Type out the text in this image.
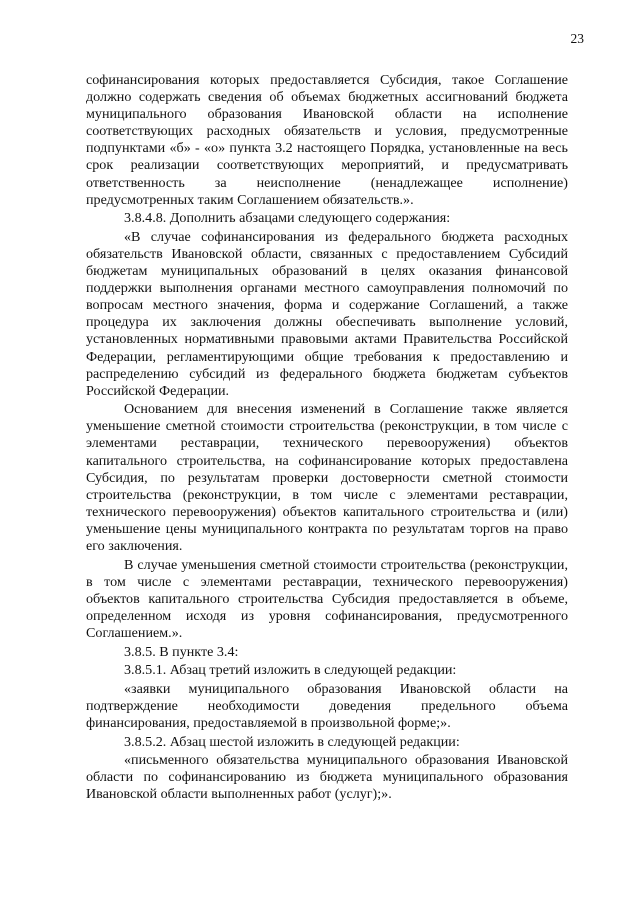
23

софинансирования которых предоставляется Субсидия, такое Соглашение должно содержать сведения об объемах бюджетных ассигнований бюджета муниципального образования Ивановской области на исполнение соответствующих расходных обязательств и условия, предусмотренные подпунктами «б» - «о» пункта 3.2 настоящего Порядка, установленные на весь срок реализации соответствующих мероприятий, и предусматривать ответственность за неисполнение (ненадлежащее исполнение) предусмотренных таким Соглашением обязательств.».

3.8.4.8. Дополнить абзацами следующего содержания:

«В случае софинансирования из федерального бюджета расходных обязательств Ивановской области, связанных с предоставлением Субсидий бюджетам муниципальных образований в целях оказания финансовой поддержки выполнения органами местного самоуправления полномочий по вопросам местного значения, форма и содержание Соглашений, а также процедура их заключения должны обеспечивать выполнение условий, установленных нормативными правовыми актами Правительства Российской Федерации, регламентирующими общие требования к предоставлению и распределению субсидий из федерального бюджета бюджетам субъектов Российской Федерации.

Основанием для внесения изменений в Соглашение также является уменьшение сметной стоимости строительства (реконструкции, в том числе с элементами реставрации, технического перевооружения) объектов капитального строительства, на софинансирование которых предоставлена Субсидия, по результатам проверки достоверности сметной стоимости строительства (реконструкции, в том числе с элементами реставрации, технического перевооружения) объектов капитального строительства и (или) уменьшение цены муниципального контракта по результатам торгов на право его заключения.

В случае уменьшения сметной стоимости строительства (реконструкции, в том числе с элементами реставрации, технического перевооружения) объектов капитального строительства Субсидия предоставляется в объеме, определенном исходя из уровня софинансирования, предусмотренного Соглашением.».

3.8.5. В пункте 3.4:

3.8.5.1. Абзац третий изложить в следующей редакции:

«заявки муниципального образования Ивановской области на подтверждение необходимости доведения предельного объема финансирования, предоставляемой в произвольной форме;».

3.8.5.2. Абзац шестой изложить в следующей редакции:

«письменного обязательства муниципального образования Ивановской области по софинансированию из бюджета муниципального образования Ивановской области выполненных работ (услуг);».
